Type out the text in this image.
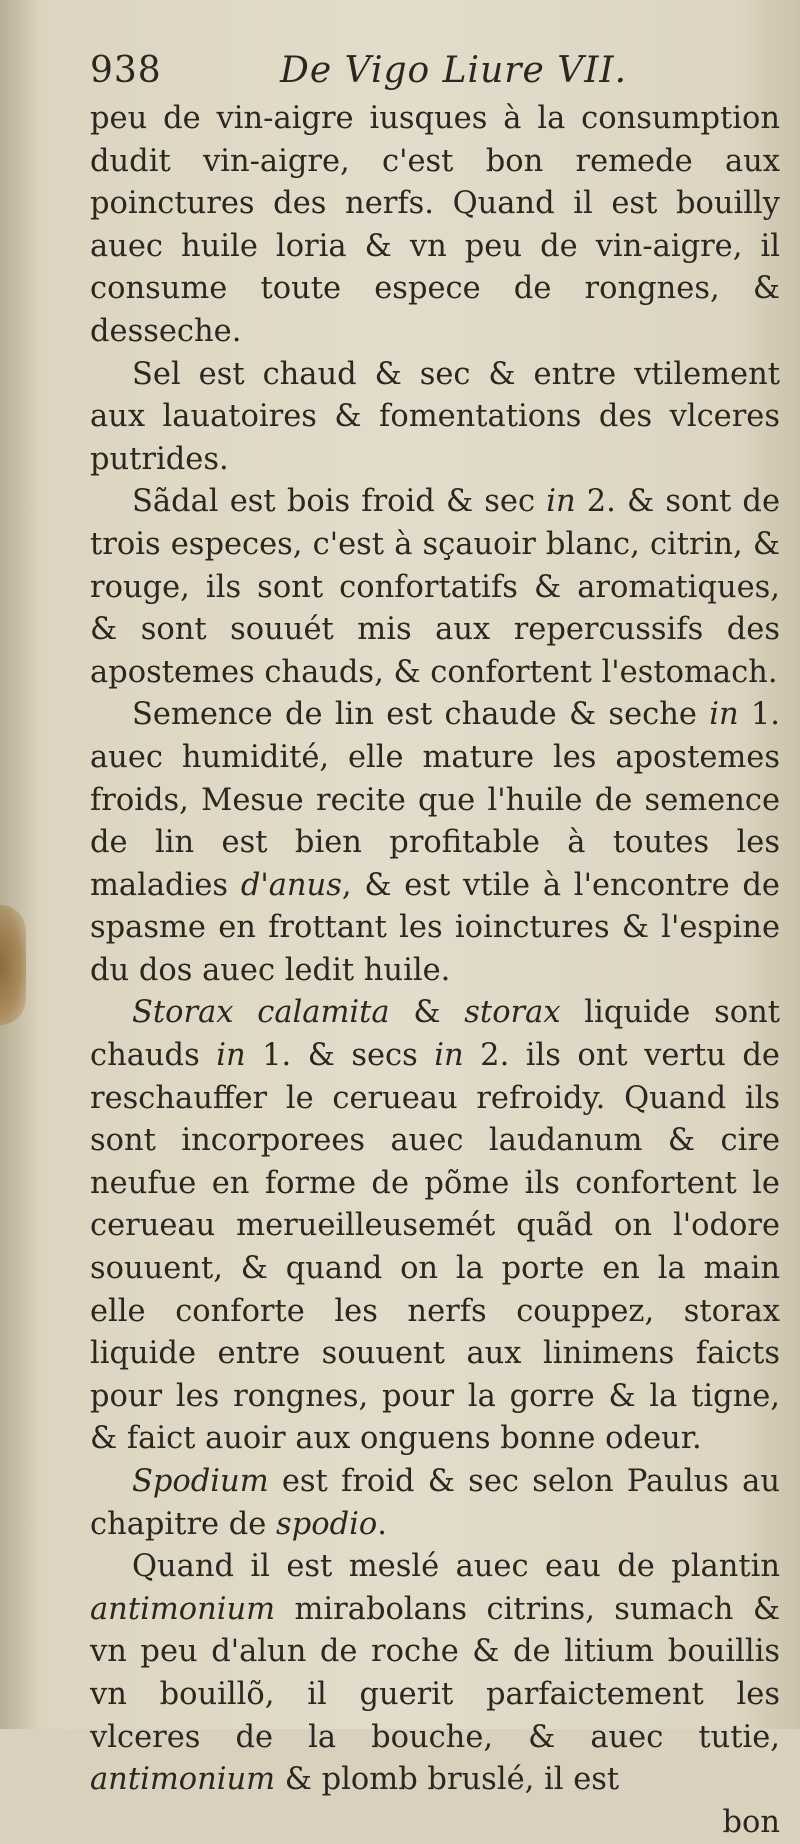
938	De Vigo Liure VII.

peu de vin-aigre iusques à la consumption dudit vin-aigre, c'est bon remede aux poinctures des nerfs. Quand il est bouilly auec huile loria & vn peu de vin-aigre, il consume toute espece de rongnes, & desseche.

Sel est chaud & sec & entre vtilement aux lauatoires & fomentations des vlceres putrides.

Sãdal est bois froid & sec in 2. & sont de trois especes, c'est à sçauoir blanc, citrin, & rouge, ils sont confortatifs & aromatiques, & sont souuét mis aux repercussifs des apostemes chauds, & confortent l'estomach.

Semence de lin est chaude & seche in 1. auec humidité, elle mature les apostemes froids, Mesue recite que l'huile de semence de lin est bien profitable à toutes les maladies d'anus, & est vtile à l'encontre de spasme en frottant les ioinctures & l'espine du dos auec ledit huile.

Storax calamita & storax liquide sont chauds in 1. & secs in 2. ils ont vertu de reschauffer le cerueau refroidy. Quand ils sont incorporees auec laudanum & cire neufue en forme de põme ils confortent le cerueau merueilleusemét quãd on l'odore souuent, & quand on la porte en la main elle conforte les nerfs couppez, storax liquide entre souuent aux linimens faicts pour les rongnes, pour la gorre & la tigne, & faict auoir aux onguens bonne odeur.

Spodium est froid & sec selon Paulus au chapitre de spodio.

Quand il est meslé auec eau de plantin antimonium mirabolans citrins, sumach & vn peu d'alun de roche & de litium bouillis vn bouillõ, il guerit parfaictement les vlceres de la bouche, & auec tutie, antimonium & plomb bruslé, il est

bon
